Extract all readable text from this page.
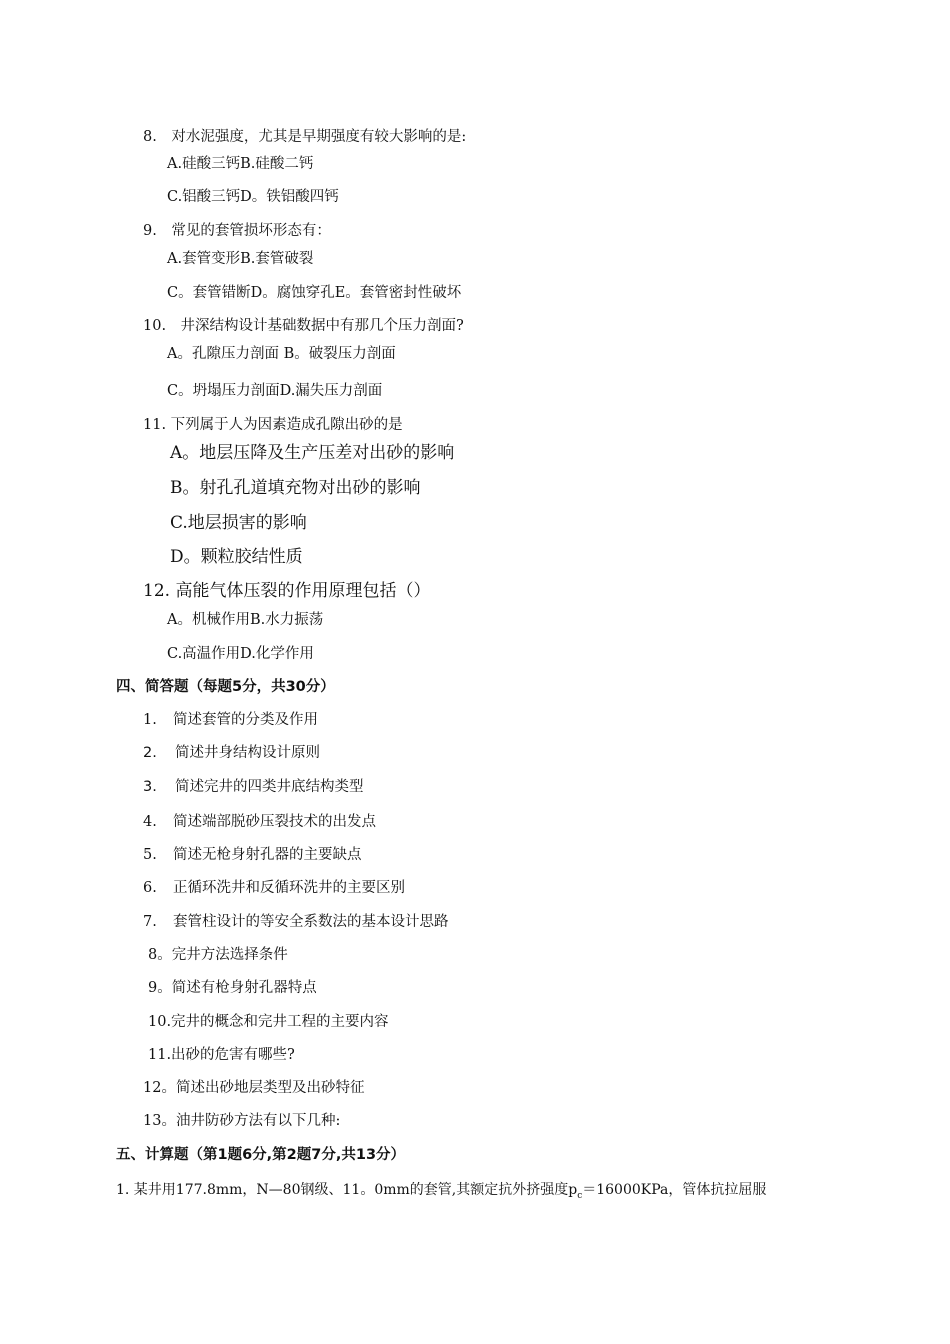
8.　对水泥强度，尤其是早期强度有较大影响的是:
A.硅酸三钙B.硅酸二钙
C.铝酸三钙D。铁铝酸四钙
9.　常见的套管损坏形态有：
A.套管变形B.套管破裂
C。套管错断D。腐蚀穿孔E。套管密封性破坏
10.　井深结构设计基础数据中有那几个压力剖面?
A。孔隙压力剖面 B。破裂压力剖面
C。坍塌压力剖面D.漏失压力剖面
11. 下列属于人为因素造成孔隙出砂的是
A。地层压降及生产压差对出砂的影响
B。射孔孔道填充物对出砂的影响
C.地层损害的影响
D。颗粒胶结性质
12. 高能气体压裂的作用原理包括（）
A。机械作用B.水力振荡
C.高温作用D.化学作用
四、简答题（每题5分，共30分）
1. 简述套管的分类及作用
2. 简述井身结构设计原则
3. 简述完井的四类井底结构类型
4. 简述端部脱砂压裂技术的出发点
5. 简述无枪身射孔器的主要缺点
6. 正循环洗井和反循环洗井的主要区别
7. 套管柱设计的等安全系数法的基本设计思路
8。完井方法选择条件
9。简述有枪身射孔器特点
10.完井的概念和完井工程的主要内容
11.出砂的危害有哪些?
12。简述出砂地层类型及出砂特征
13。油井防砂方法有以下几种:
五、计算题（第1题6分,第2题7分,共13分）
1. 某井用177.8mm，N—80钢级、11。0mm的套管,其额定抗外挤强度$p_c=16000KPa$，管体抗拉屈服
